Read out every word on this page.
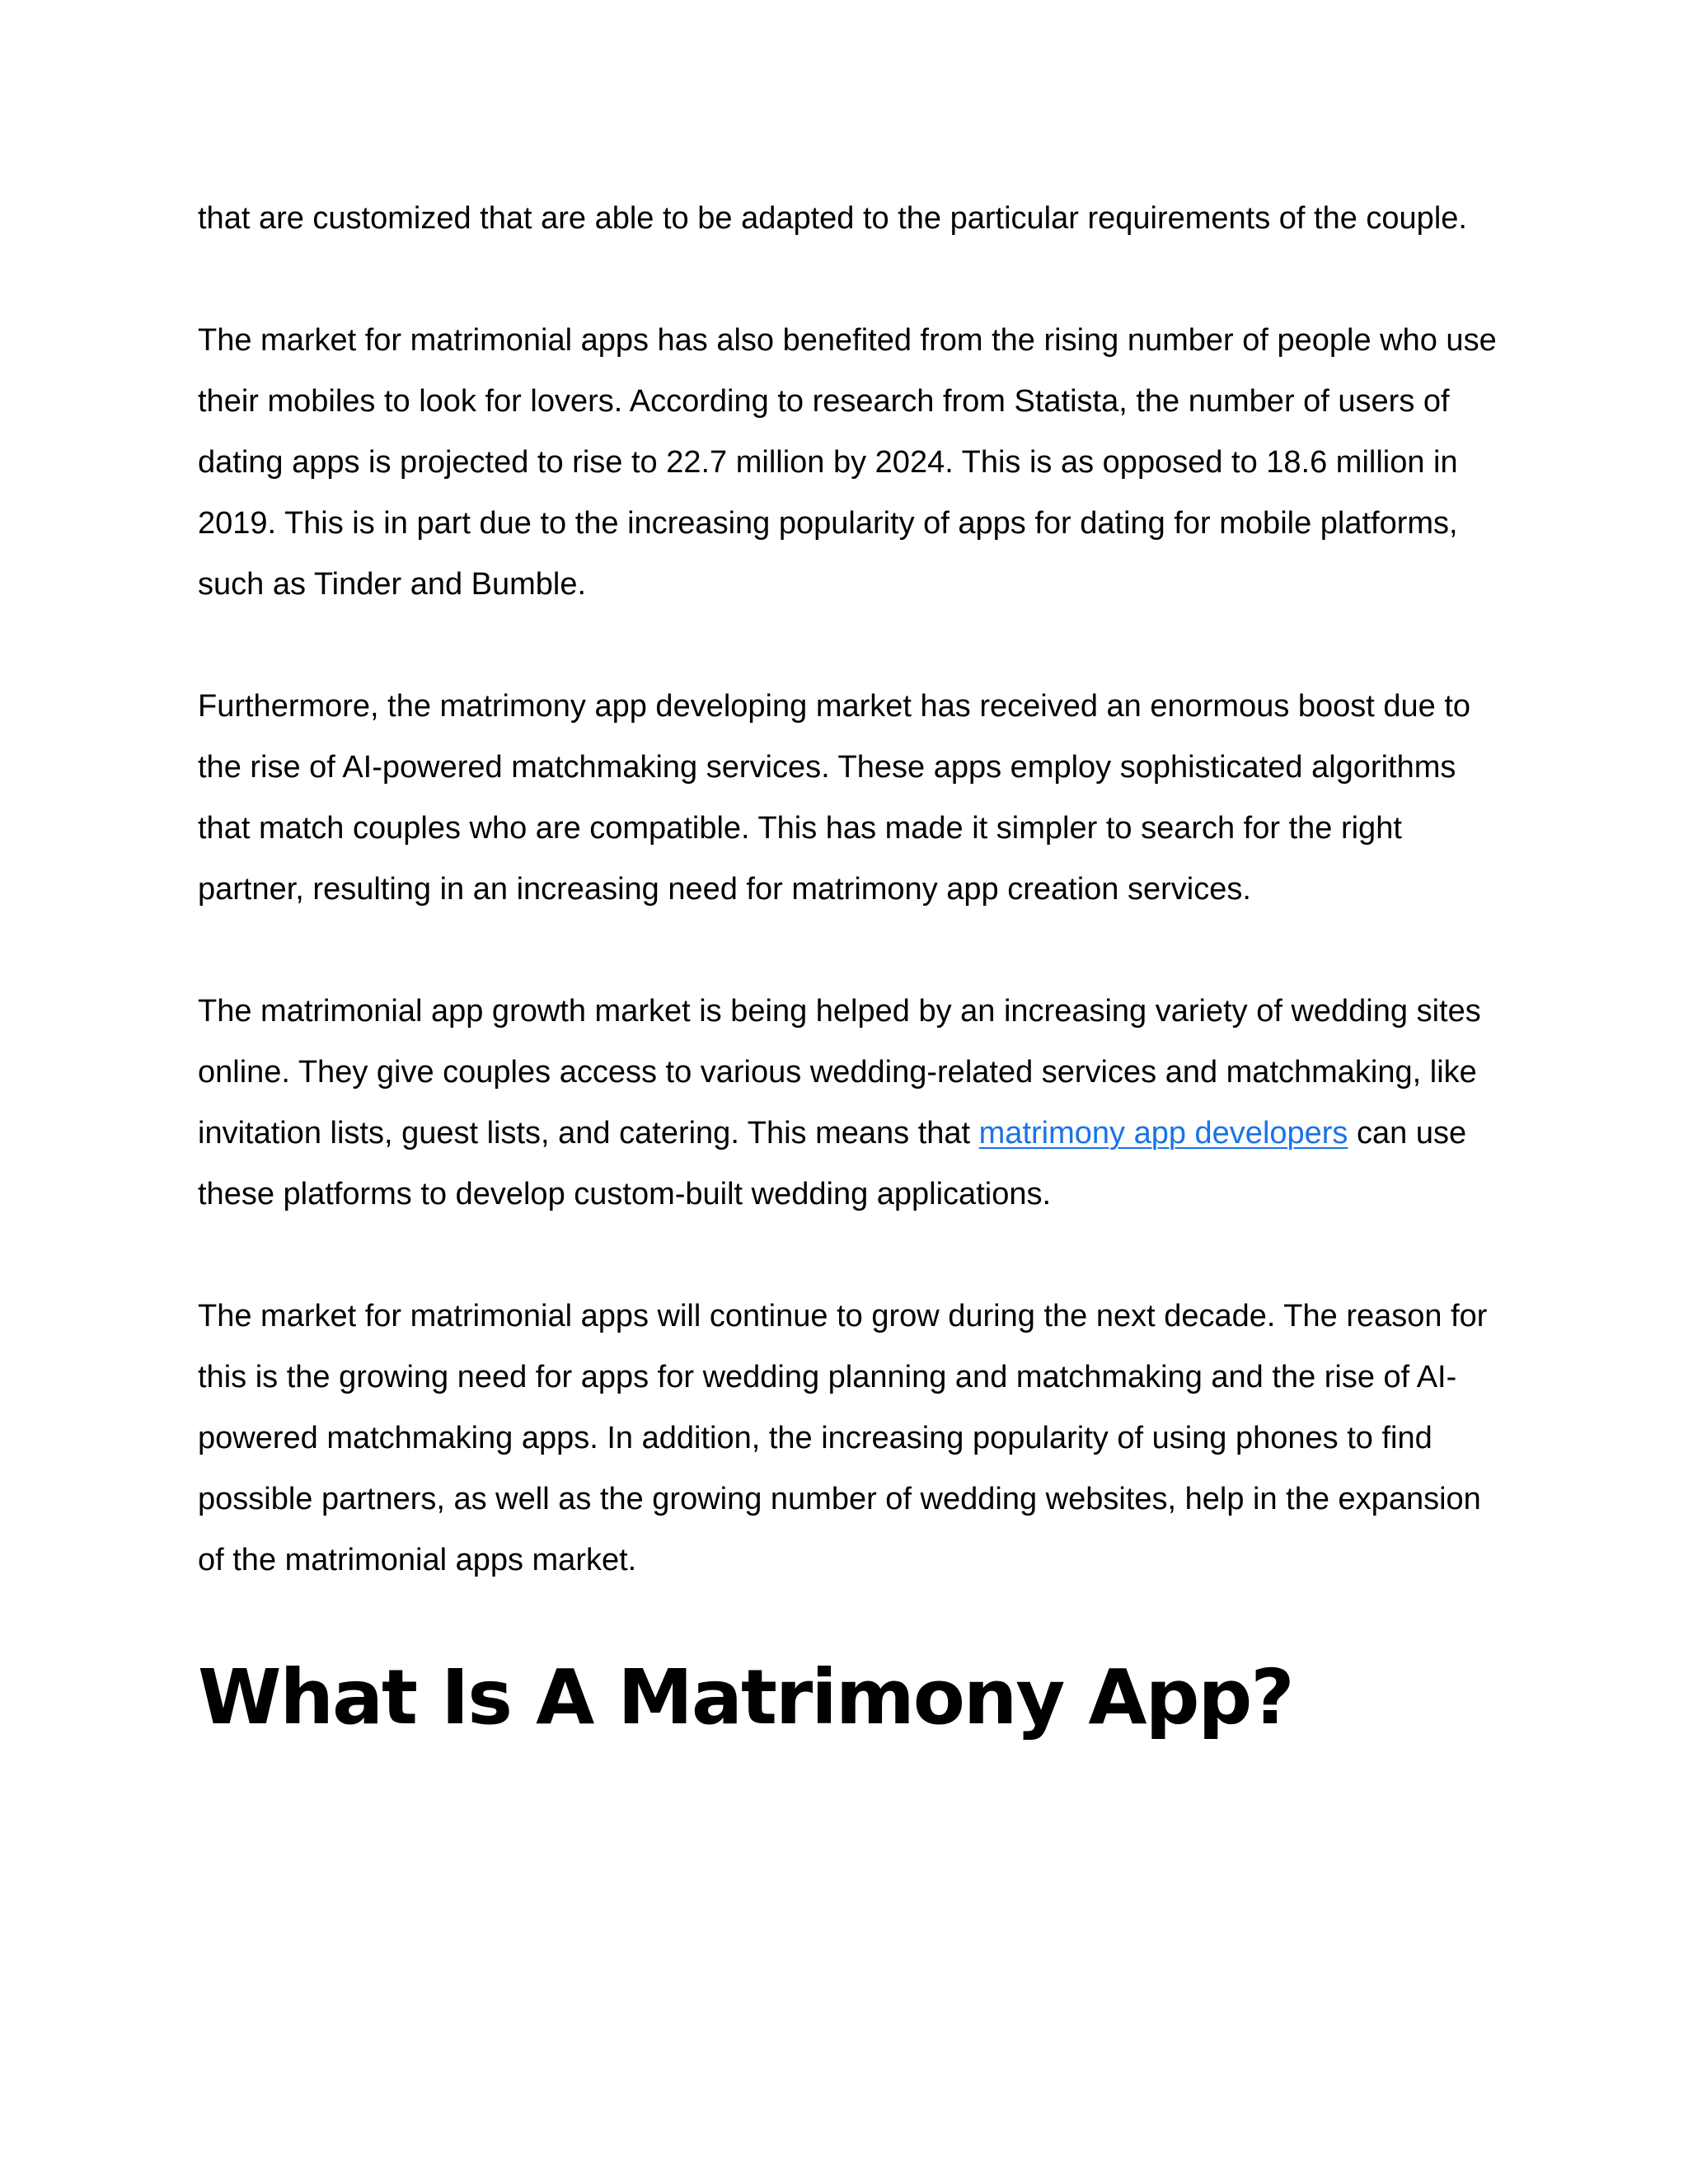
that are customized that are able to be adapted to the particular requirements of the couple.

The market for matrimonial apps has also benefited from the rising number of people who use their mobiles to look for lovers. According to research from Statista, the number of users of dating apps is projected to rise to 22.7 million by 2024. This is as opposed to 18.6 million in 2019. This is in part due to the increasing popularity of apps for dating for mobile platforms, such as Tinder and Bumble.

Furthermore, the matrimony app developing market has received an enormous boost due to the rise of AI-powered matchmaking services. These apps employ sophisticated algorithms that match couples who are compatible. This has made it simpler to search for the right partner, resulting in an increasing need for matrimony app creation services.

The matrimonial app growth market is being helped by an increasing variety of wedding sites online. They give couples access to various wedding-related services and matchmaking, like invitation lists, guest lists, and catering. This means that matrimony app developers can use these platforms to develop custom-built wedding applications.

The market for matrimonial apps will continue to grow during the next decade. The reason for this is the growing need for apps for wedding planning and matchmaking and the rise of AI-powered matchmaking apps. In addition, the increasing popularity of using phones to find possible partners, as well as the growing number of wedding websites, help in the expansion of the matrimonial apps market.

What Is A Matrimony App?
